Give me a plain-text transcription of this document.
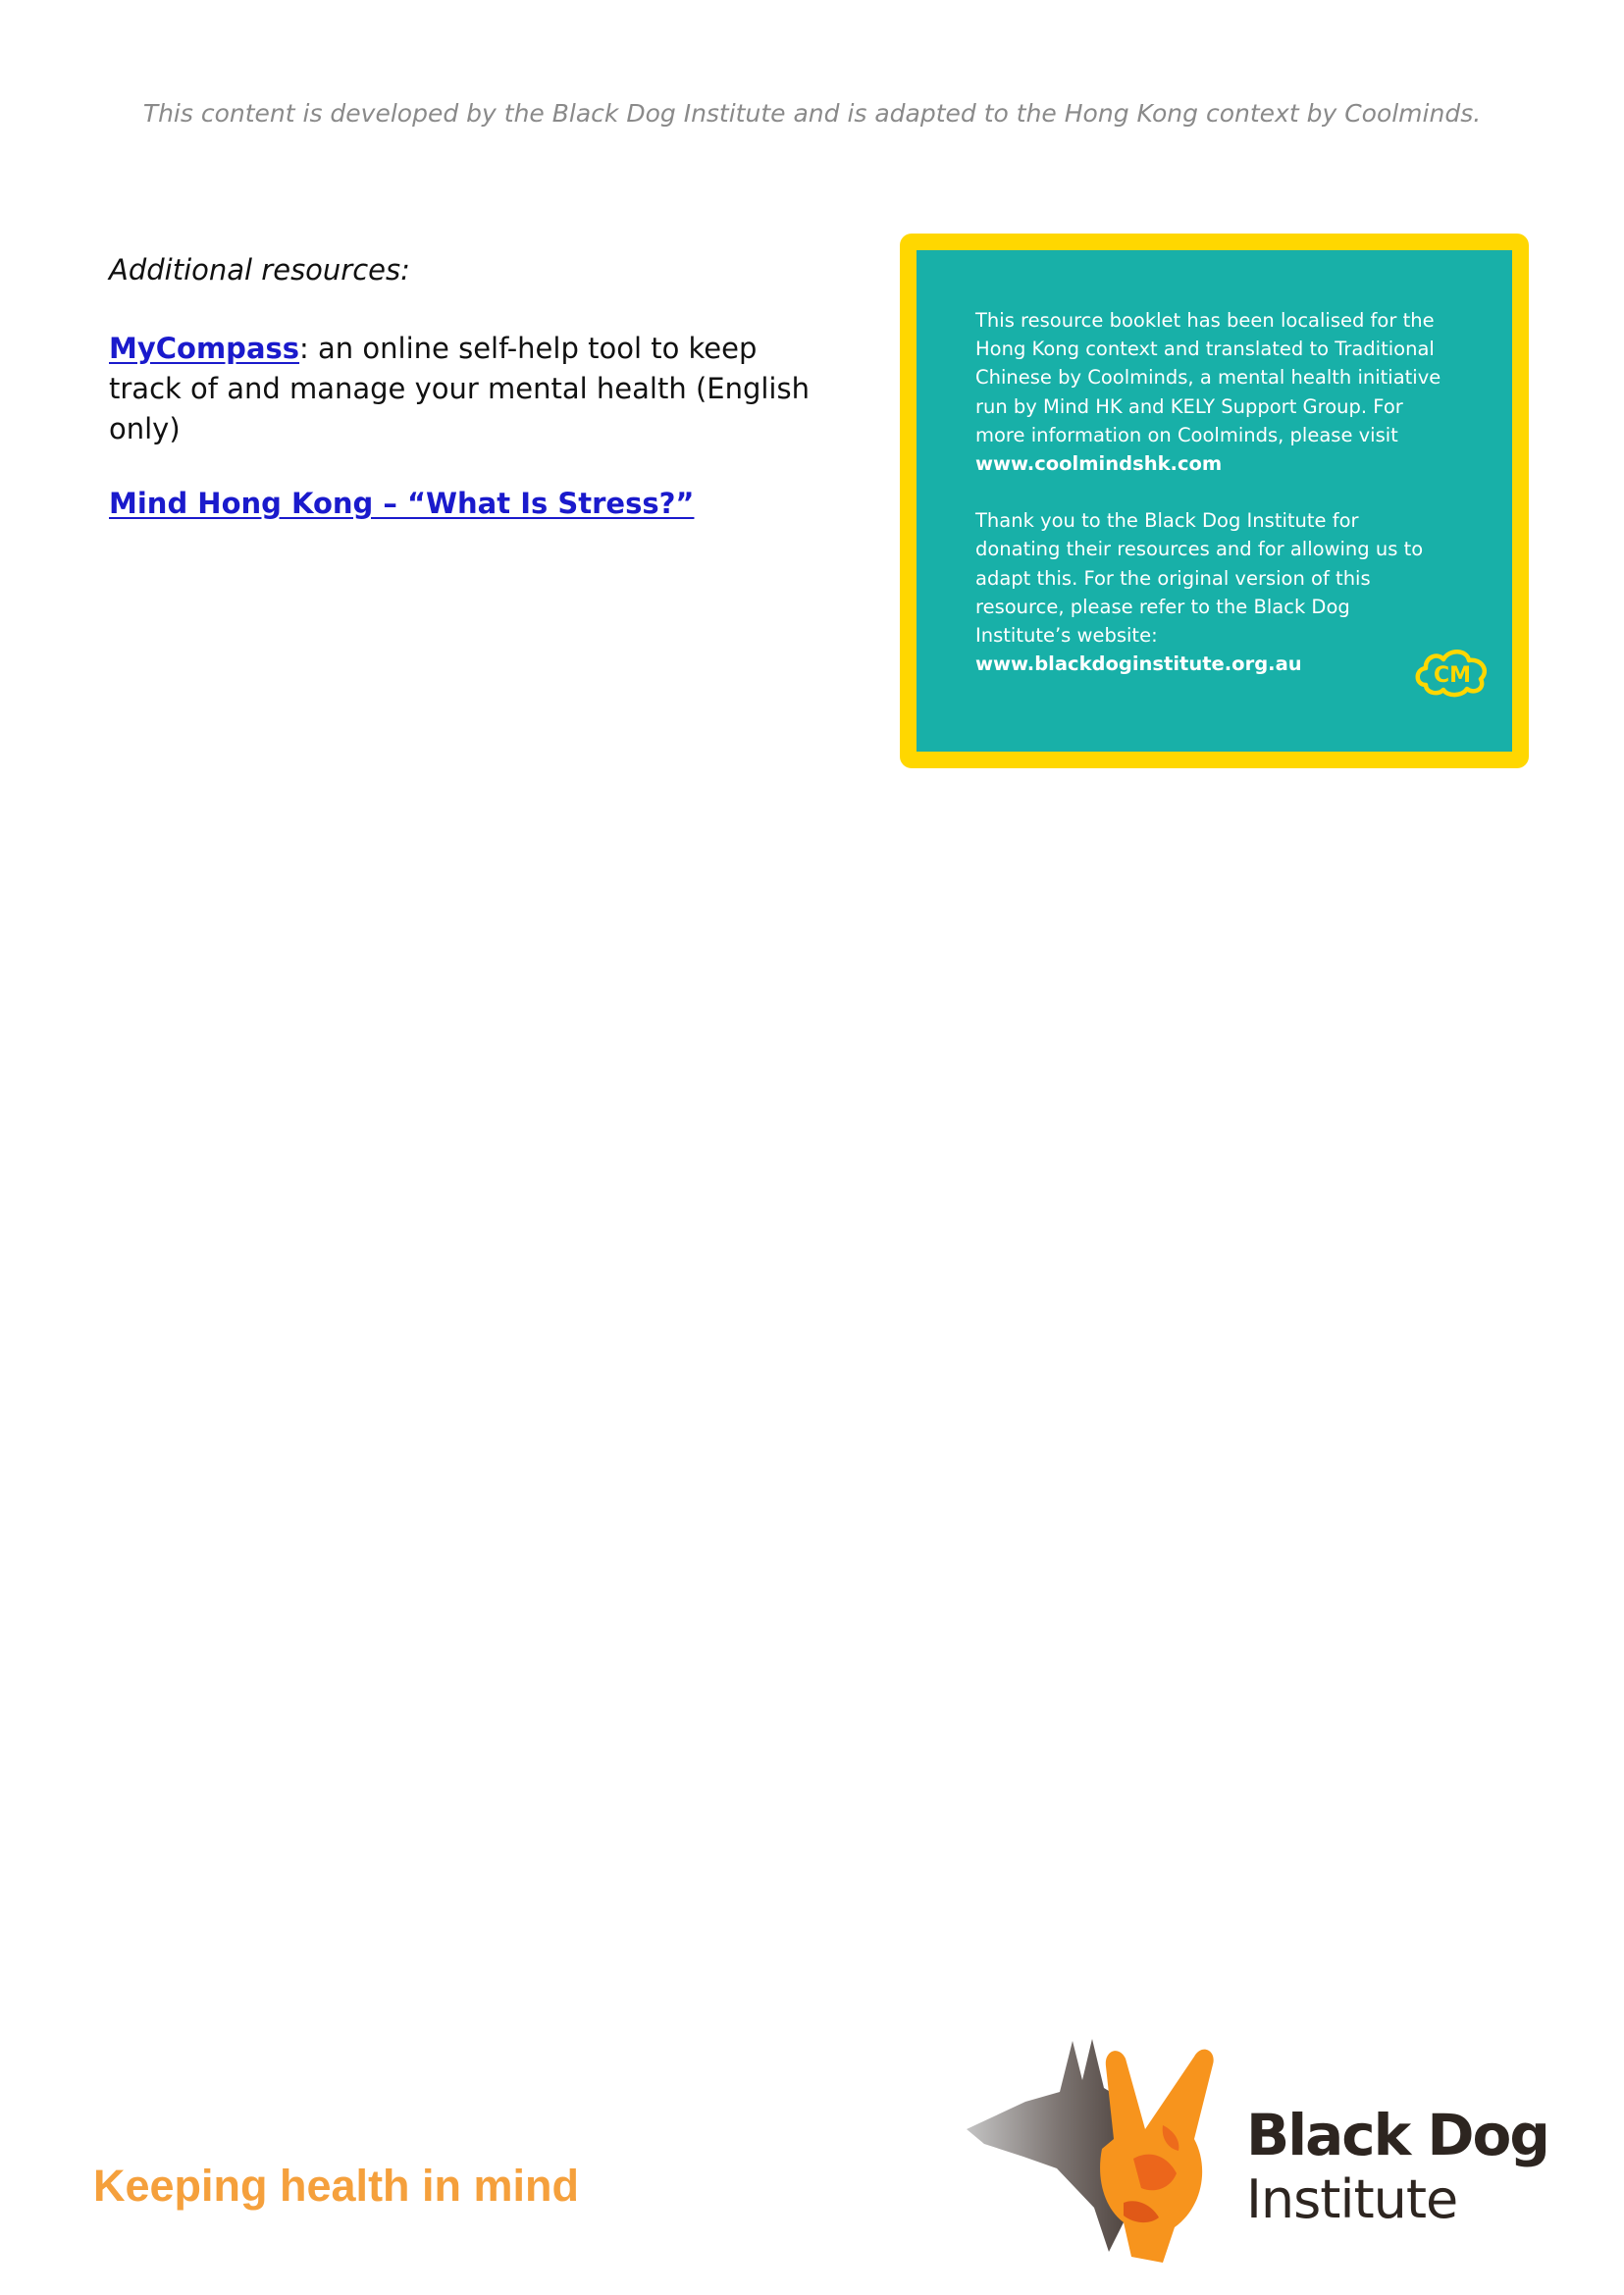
This content is developed by the Black Dog Institute and is adapted to the Hong Kong context by Coolminds.
Additional resources:
MyCompass: an online self-help tool to keep track of and manage your mental health (English only)
Mind Hong Kong – “What Is Stress?”

This resource booklet has been localised for the Hong Kong context and translated to Traditional Chinese by Coolminds, a mental health initiative run by Mind HK and KELY Support Group. For more information on Coolminds, please visit
www.coolmindshk.com

Thank you to the Black Dog Institute for donating their resources and for allowing us to adapt this. For the original version of this resource, please refer to the Black Dog Institute’s website:
www.blackdoginstitute.org.au	CM
Keeping health in mind
Black Dog
Institute
